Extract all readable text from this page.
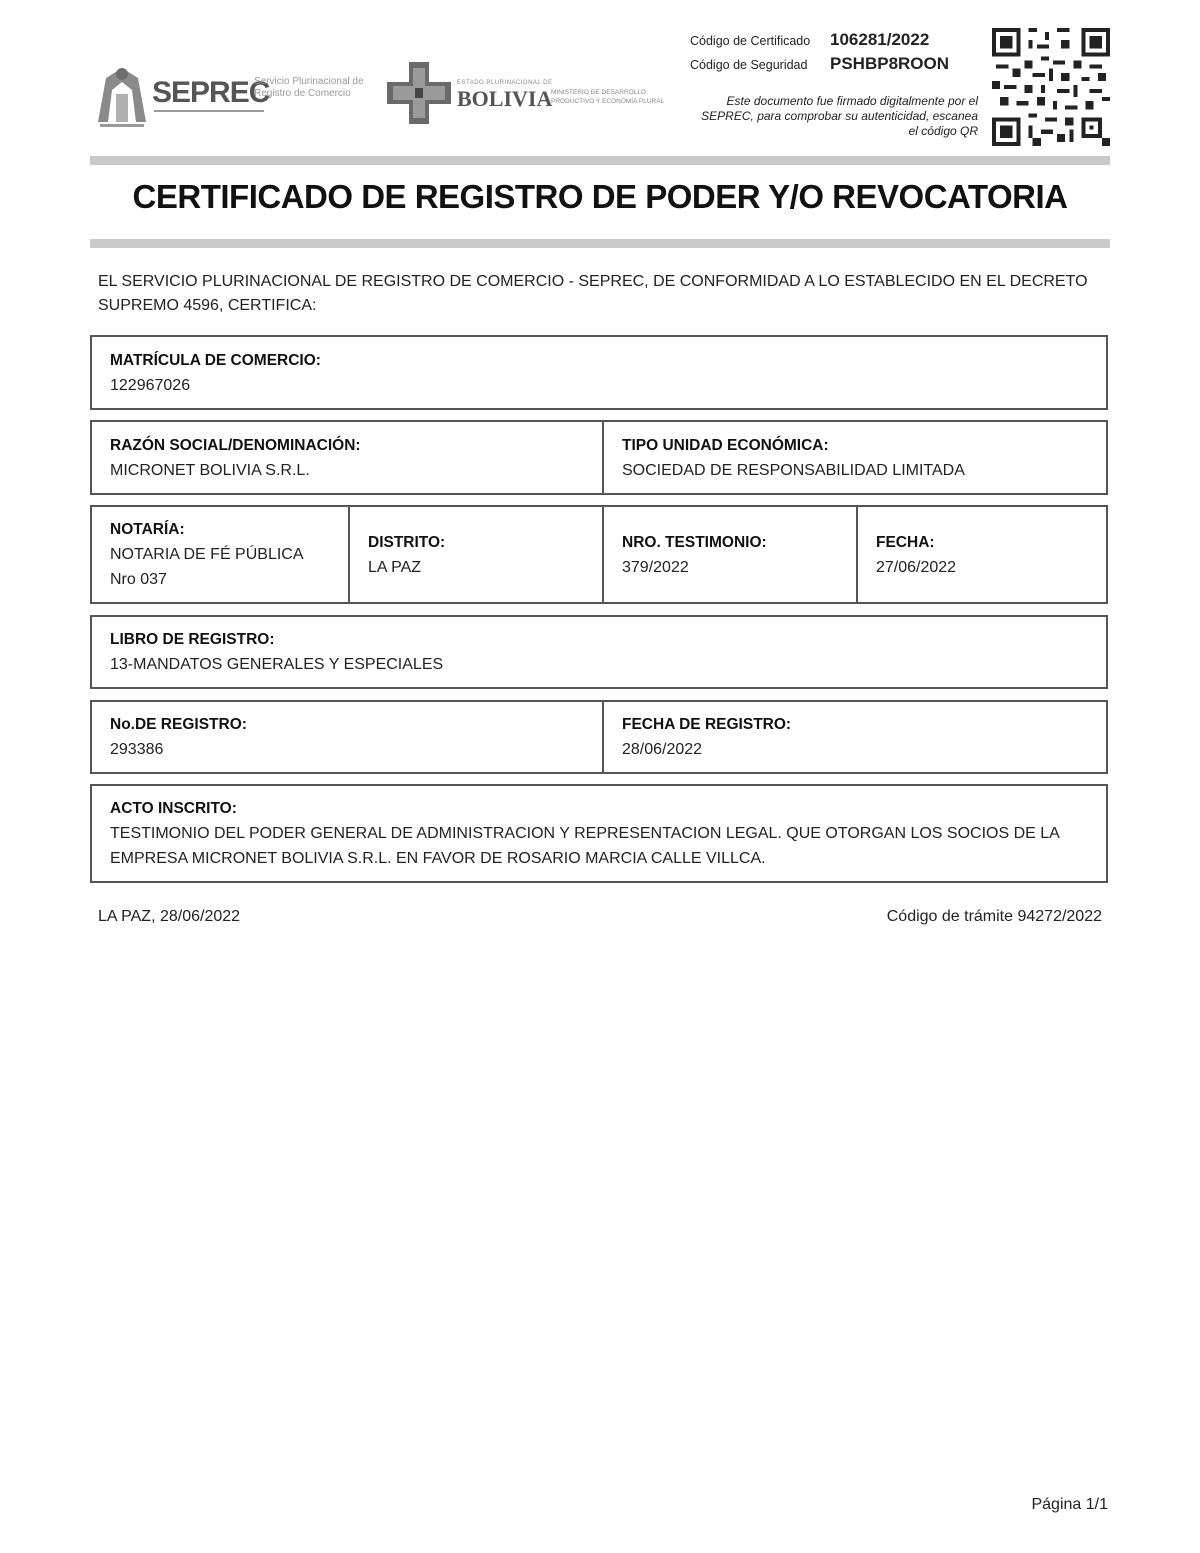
SEPREC
Servicio Plurinacional de
Registro de Comercio
ESTADO PLURINACIONAL DE
BOLIVIA
MINISTERIO DE DESARROLLO
PRODUCTIVO Y ECONOMÍA PLURAL
Código de Certificado	106281/2022
Código de Seguridad	PSHBP8ROON
Este documento fue firmado digitalmente por el SEPREC, para comprobar su autenticidad, escanea el código QR
CERTIFICADO DE REGISTRO DE PODER Y/O REVOCATORIA
EL SERVICIO PLURINACIONAL DE REGISTRO DE COMERCIO - SEPREC, DE CONFORMIDAD A LO ESTABLECIDO EN EL DECRETO SUPREMO 4596, CERTIFICA:
MATRÍCULA DE COMERCIO:
122967026
RAZÓN SOCIAL/DENOMINACIÓN:
MICRONET BOLIVIA S.R.L.
TIPO UNIDAD ECONÓMICA:
SOCIEDAD DE RESPONSABILIDAD LIMITADA
NOTARÍA:
NOTARIA DE FÉ PÚBLICA
Nro 037
DISTRITO:
LA PAZ
NRO. TESTIMONIO:
379/2022
FECHA:
27/06/2022
LIBRO DE REGISTRO:
13-MANDATOS GENERALES Y ESPECIALES
No.DE REGISTRO:
293386
FECHA DE REGISTRO:
28/06/2022
ACTO INSCRITO:
TESTIMONIO DEL PODER GENERAL DE ADMINISTRACION Y REPRESENTACION LEGAL. QUE OTORGAN LOS SOCIOS DE LA EMPRESA MICRONET BOLIVIA S.R.L. EN FAVOR DE ROSARIO MARCIA CALLE VILLCA.
LA PAZ, 28/06/2022	Código de trámite 94272/2022
Página 1/1
